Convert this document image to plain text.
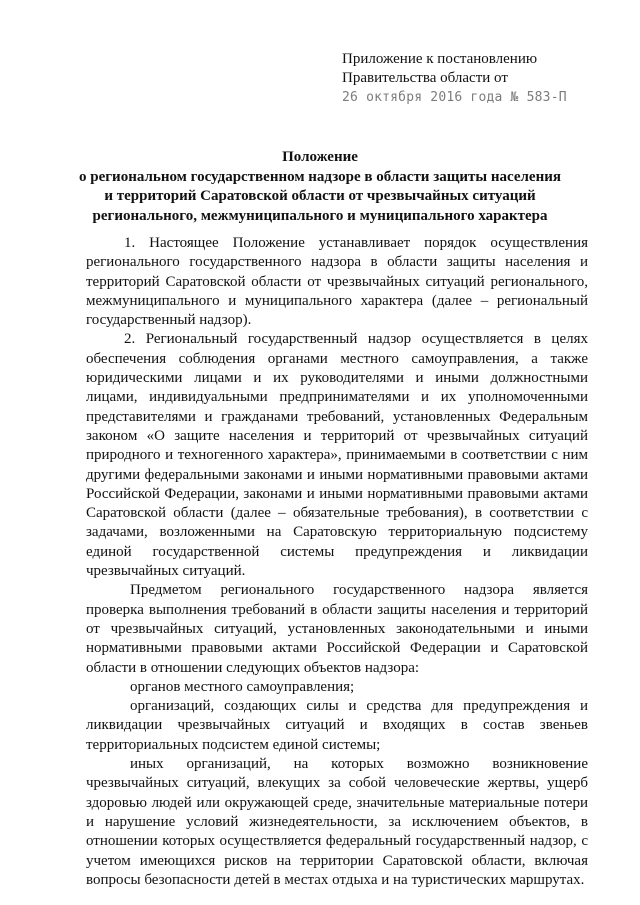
Приложение к постановлению
Правительства области от
26 октября 2016 года № 583-П
Положение
о региональном государственном надзоре в области защиты населения
и территорий Саратовской области от чрезвычайных ситуаций
регионального, межмуниципального и муниципального характера

1. Настоящее Положение устанавливает порядок осуществления регионального государственного надзора в области защиты населения и территорий Саратовской области от чрезвычайных ситуаций регионального, межмуниципального и муниципального характера (далее – региональный государственный надзор).

2. Региональный государственный надзор осуществляется в целях обеспечения соблюдения органами местного самоуправления, а также юридическими лицами и их руководителями и иными должностными лицами, индивидуальными предпринимателями и их уполномоченными представителями и гражданами требований, установленных Федеральным законом «О защите населения и территорий от чрезвычайных ситуаций природного и техногенного характера», принимаемыми в соответствии с ним другими федеральными законами и иными нормативными правовыми актами Российской Федерации, законами и иными нормативными правовыми актами Саратовской области (далее – обязательные требования), в соответствии с задачами, возложенными на Саратовскую территориальную подсистему единой государственной системы предупреждения и ликвидации чрезвычайных ситуаций.

Предметом регионального государственного надзора является проверка выполнения требований в области защиты населения и территорий от чрезвычайных ситуаций, установленных законодательными и иными нормативными правовыми актами Российской Федерации и Саратовской области в отношении следующих объектов надзора:

органов местного самоуправления;

организаций, создающих силы и средства для предупреждения и ликвидации чрезвычайных ситуаций и входящих в состав звеньев территориальных подсистем единой системы;

иных организаций, на которых возможно возникновение чрезвычайных ситуаций, влекущих за собой человеческие жертвы, ущерб здоровью людей или окружающей среде, значительные материальные потери и нарушение условий жизнедеятельности, за исключением объектов, в отношении которых осуществляется федеральный государственный надзор, с учетом имеющихся рисков на территории Саратовской области, включая вопросы безопасности детей в местах отдыха и на туристических маршрутах.
